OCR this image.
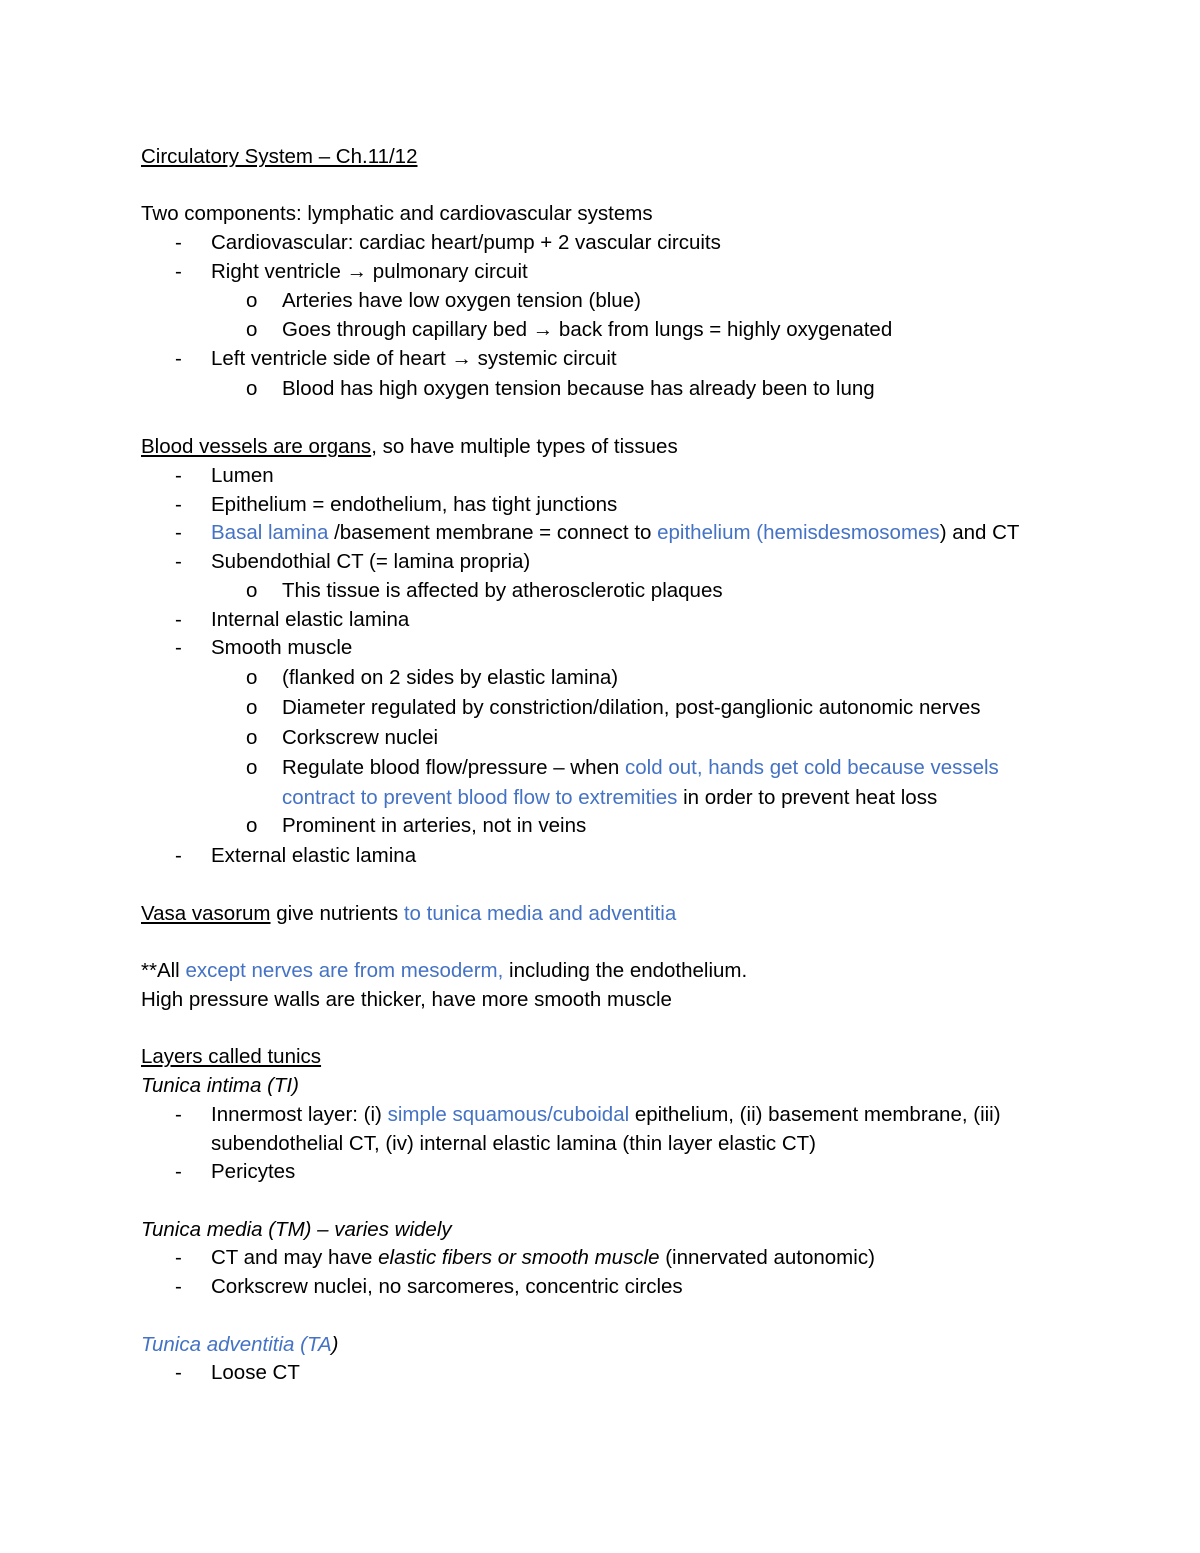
Circulatory System – Ch.11/12
Two components: lymphatic and cardiovascular systems
- Cardiovascular: cardiac heart/pump + 2 vascular circuits
- Right ventricle → pulmonary circuit
o Arteries have low oxygen tension (blue)
o Goes through capillary bed → back from lungs = highly oxygenated
- Left ventricle side of heart → systemic circuit
o Blood has high oxygen tension because has already been to lung
Blood vessels are organs, so have multiple types of tissues
- Lumen
- Epithelium = endothelium, has tight junctions
- Basal lamina /basement membrane = connect to epithelium (hemisdesmosomes) and CT
- Subendothial CT (= lamina propria)
o This tissue is affected by atherosclerotic plaques
- Internal elastic lamina
- Smooth muscle
o (flanked on 2 sides by elastic lamina)
o Diameter regulated by constriction/dilation, post-ganglionic autonomic nerves
o Corkscrew nuclei
o Regulate blood flow/pressure – when cold out, hands get cold because vessels
contract to prevent blood flow to extremities in order to prevent heat loss
o Prominent in arteries, not in veins
- External elastic lamina
Vasa vasorum give nutrients to tunica media and adventitia
**All except nerves are from mesoderm, including the endothelium.
High pressure walls are thicker, have more smooth muscle
Layers called tunics
Tunica intima (TI)
- Innermost layer: (i) simple squamous/cuboidal epithelium, (ii) basement membrane, (iii)
subendothelial CT, (iv) internal elastic lamina (thin layer elastic CT)
- Pericytes
Tunica media (TM) – varies widely
- CT and may have elastic fibers or smooth muscle (innervated autonomic)
- Corkscrew nuclei, no sarcomeres, concentric circles
Tunica adventitia (TA)
- Loose CT
